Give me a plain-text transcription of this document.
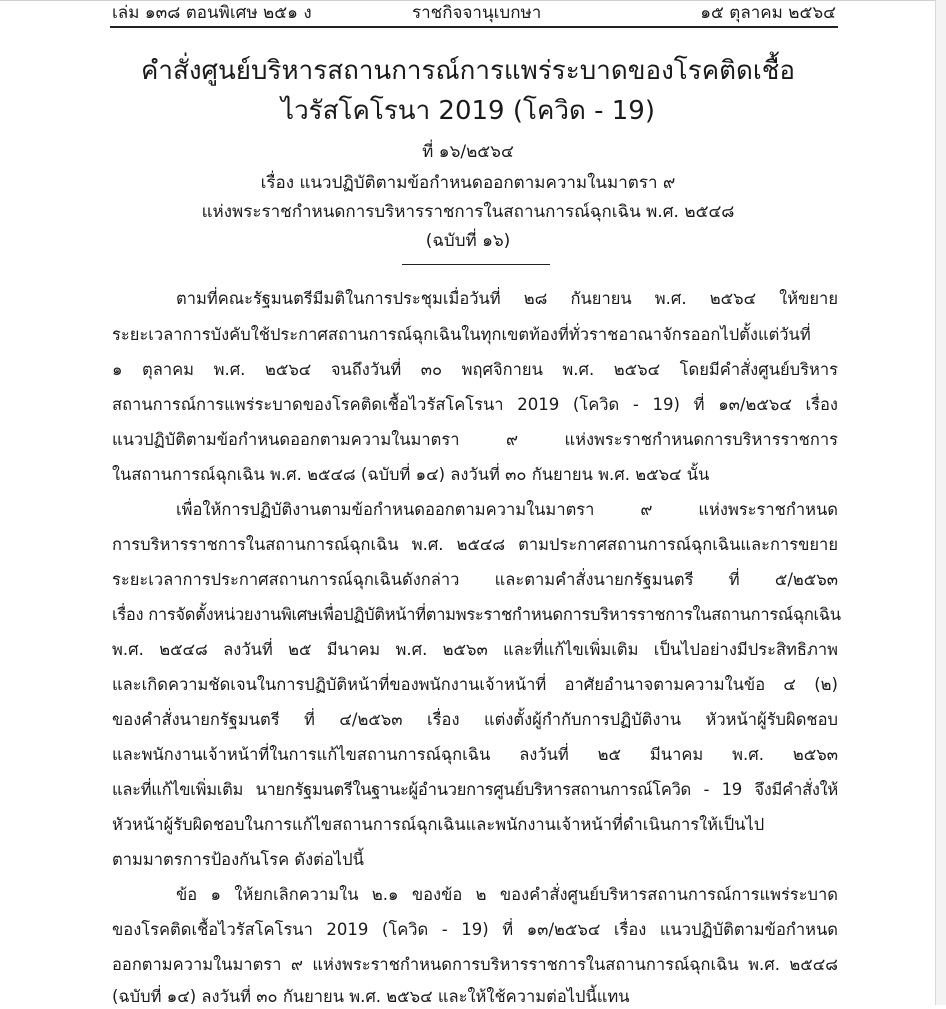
เล่ม ๑๓๘ ตอนพิเศษ ๒๕๑ ง	ราชกิจจานุเบกษา	๑๕ ตุลาคม ๒๕๖๔
คำสั่งศูนย์บริหารสถานการณ์การแพร่ระบาดของโรคติดเชื้อ
ไวรัสโคโรนา 2019 (โควิด - 19)
ที่ ๑๖/๒๕๖๔
เรื่อง แนวปฏิบัติตามข้อกำหนดออกตามความในมาตรา ๙
แห่งพระราชกำหนดการบริหารราชการในสถานการณ์ฉุกเฉิน พ.ศ. ๒๕๔๘
(ฉบับที่ ๑๖)
ตามที่คณะรัฐมนตรีมีมติในการประชุมเมื่อวันที่ ๒๘ กันยายน พ.ศ. ๒๕๖๔ ให้ขยาย
ระยะเวลาการบังคับใช้ประกาศสถานการณ์ฉุกเฉินในทุกเขตท้องที่ทั่วราชอาณาจักรออกไปตั้งแต่วันที่
๑ ตุลาคม พ.ศ. ๒๕๖๔ จนถึงวันที่ ๓๐ พฤศจิกายน พ.ศ. ๒๕๖๔ โดยมีคำสั่งศูนย์บริหาร
สถานการณ์การแพร่ระบาดของโรคติดเชื้อไวรัสโคโรนา 2019 (โควิด - 19) ที่ ๑๓/๒๕๖๔ เรื่อง
แนวปฏิบัติตามข้อกำหนดออกตามความในมาตรา ๙ แห่งพระราชกำหนดการบริหารราชการ
ในสถานการณ์ฉุกเฉิน พ.ศ. ๒๕๔๘ (ฉบับที่ ๑๔) ลงวันที่ ๓๐ กันยายน พ.ศ. ๒๕๖๔ นั้น
เพื่อให้การปฏิบัติงานตามข้อกำหนดออกตามความในมาตรา ๙ แห่งพระราชกำหนด
การบริหารราชการในสถานการณ์ฉุกเฉิน พ.ศ. ๒๕๔๘ ตามประกาศสถานการณ์ฉุกเฉินและการขยาย
ระยะเวลาการประกาศสถานการณ์ฉุกเฉินดังกล่าว และตามคำสั่งนายกรัฐมนตรี ที่ ๕/๒๕๖๓
เรื่อง การจัดตั้งหน่วยงานพิเศษเพื่อปฏิบัติหน้าที่ตามพระราชกำหนดการบริหารราชการในสถานการณ์ฉุกเฉิน
พ.ศ. ๒๕๔๘ ลงวันที่ ๒๕ มีนาคม พ.ศ. ๒๕๖๓ และที่แก้ไขเพิ่มเติม เป็นไปอย่างมีประสิทธิภาพ
และเกิดความชัดเจนในการปฏิบัติหน้าที่ของพนักงานเจ้าหน้าที่ อาศัยอำนาจตามความในข้อ ๔ (๒)
ของคำสั่งนายกรัฐมนตรี ที่ ๔/๒๕๖๓ เรื่อง แต่งตั้งผู้กำกับการปฏิบัติงาน หัวหน้าผู้รับผิดชอบ
และพนักงานเจ้าหน้าที่ในการแก้ไขสถานการณ์ฉุกเฉิน ลงวันที่ ๒๕ มีนาคม พ.ศ. ๒๕๖๓
และที่แก้ไขเพิ่มเติม นายกรัฐมนตรีในฐานะผู้อำนวยการศูนย์บริหารสถานการณ์โควิด - 19 จึงมีคำสั่งให้
หัวหน้าผู้รับผิดชอบในการแก้ไขสถานการณ์ฉุกเฉินและพนักงานเจ้าหน้าที่ดำเนินการให้เป็นไป
ตามมาตรการป้องกันโรค ดังต่อไปนี้
ข้อ ๑ ให้ยกเลิกความใน ๒.๑ ของข้อ ๒ ของคำสั่งศูนย์บริหารสถานการณ์การแพร่ระบาด
ของโรคติดเชื้อไวรัสโคโรนา 2019 (โควิด - 19) ที่ ๑๓/๒๕๖๔ เรื่อง แนวปฏิบัติตามข้อกำหนด
ออกตามความในมาตรา ๙ แห่งพระราชกำหนดการบริหารราชการในสถานการณ์ฉุกเฉิน พ.ศ. ๒๕๔๘
(ฉบับที่ ๑๔) ลงวันที่ ๓๐ กันยายน พ.ศ. ๒๕๖๔ และให้ใช้ความต่อไปนี้แทน
